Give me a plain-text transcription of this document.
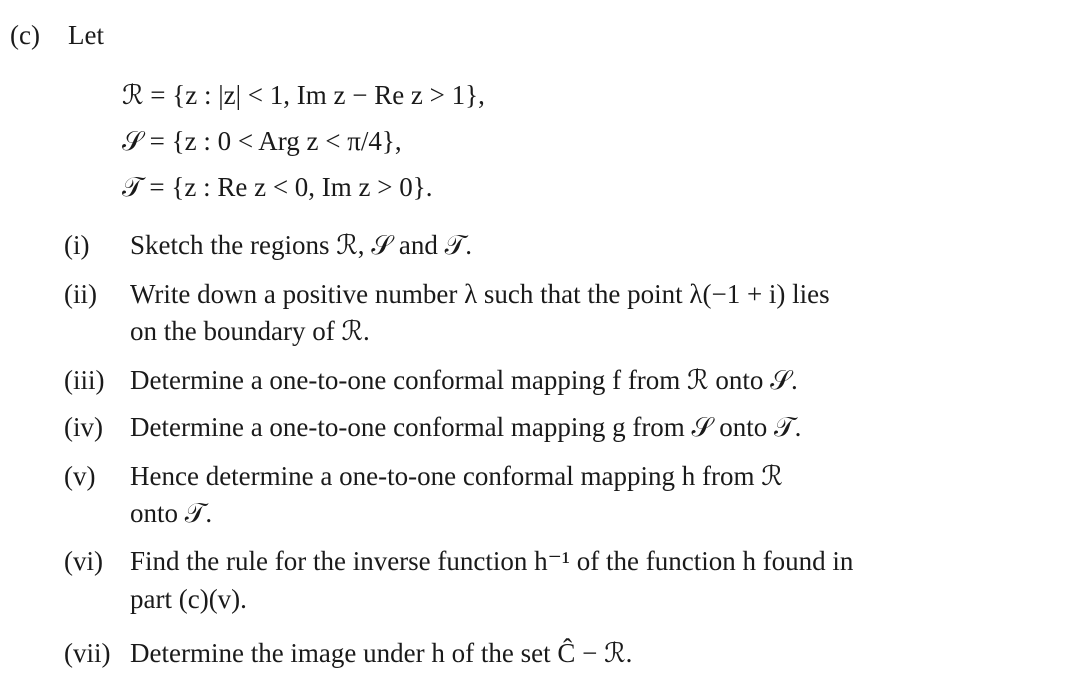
(c) Let
ℛ = {z : |z| < 1, Im z − Re z > 1},
𝒮 = {z : 0 < Arg z < π/4},
𝒯 = {z : Re z < 0, Im z > 0}.
(i) Sketch the regions ℛ, 𝒮 and 𝒯.
(ii) Write down a positive number λ such that the point λ(−1 + i) lies
on the boundary of ℛ.
(iii) Determine a one-to-one conformal mapping f from ℛ onto 𝒮.
(iv) Determine a one-to-one conformal mapping g from 𝒮 onto 𝒯.
(v) Hence determine a one-to-one conformal mapping h from ℛ
onto 𝒯.
(vi) Find the rule for the inverse function h⁻¹ of the function h found in
part (c)(v).
(vii) Determine the image under h of the set Ĉ − ℛ.
